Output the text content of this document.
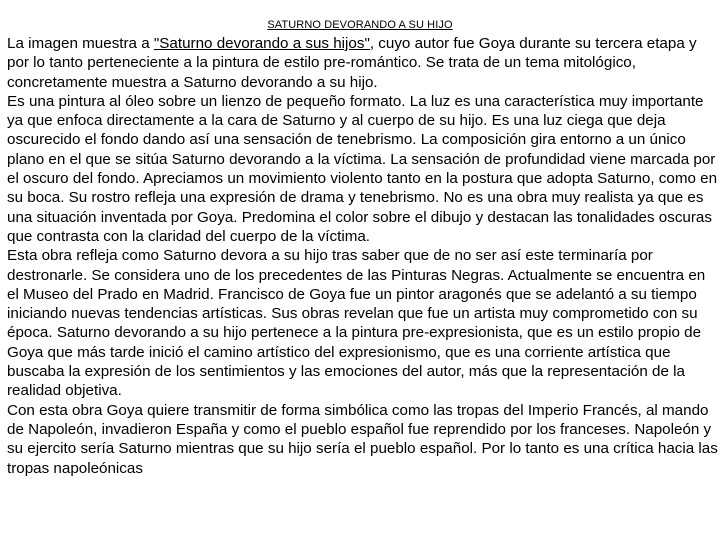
SATURNO DEVORANDO A SU HIJO

La imagen muestra a "Saturno devorando a sus hijos", cuyo autor fue Goya durante su tercera etapa y por lo tanto perteneciente a la pintura de estilo pre-romántico. Se trata de un tema mitológico, concretamente muestra a Saturno devorando a su hijo.

Es una pintura al óleo sobre un lienzo de pequeño formato. La luz es una característica muy importante ya que enfoca directamente a la cara de Saturno y al cuerpo de su hijo. Es una luz ciega que deja oscurecido el fondo dando así una sensación de tenebrismo. La composición gira entorno a un único plano en el que se sitúa Saturno devorando a la víctima. La sensación de profundidad viene marcada por el oscuro del fondo. Apreciamos un movimiento violento tanto en la postura que adopta Saturno, como en su boca. Su rostro refleja una expresión de drama y tenebrismo. No es una obra muy realista ya que es una situación inventada por Goya. Predomina el color sobre el dibujo y destacan las tonalidades oscuras que contrasta con la claridad del cuerpo de la víctima.

Esta obra refleja como Saturno devora a su hijo tras saber que de no ser así este terminaría por destronarle. Se considera uno de los precedentes de las Pinturas Negras. Actualmente se encuentra en el Museo del Prado en Madrid. Francisco de Goya fue un pintor aragonés que se adelantó a su tiempo iniciando nuevas tendencias artísticas. Sus obras revelan que fue un artista muy comprometido con su época. Saturno devorando a su hijo pertenece a la pintura pre-expresionista, que es un estilo propio de Goya que más tarde inició el camino artístico del expresionismo, que es una corriente artística que buscaba la expresión de los sentimientos y las emociones del autor, más que la representación de la realidad objetiva.

Con esta obra Goya quiere transmitir de forma simbólica como las tropas del Imperio Francés, al mando de Napoleón, invadieron España y como el pueblo español fue reprendido por los franceses. Napoleón y su ejercito sería Saturno mientras que su hijo sería el pueblo español. Por lo tanto es una crítica hacia las tropas napoleónicas
